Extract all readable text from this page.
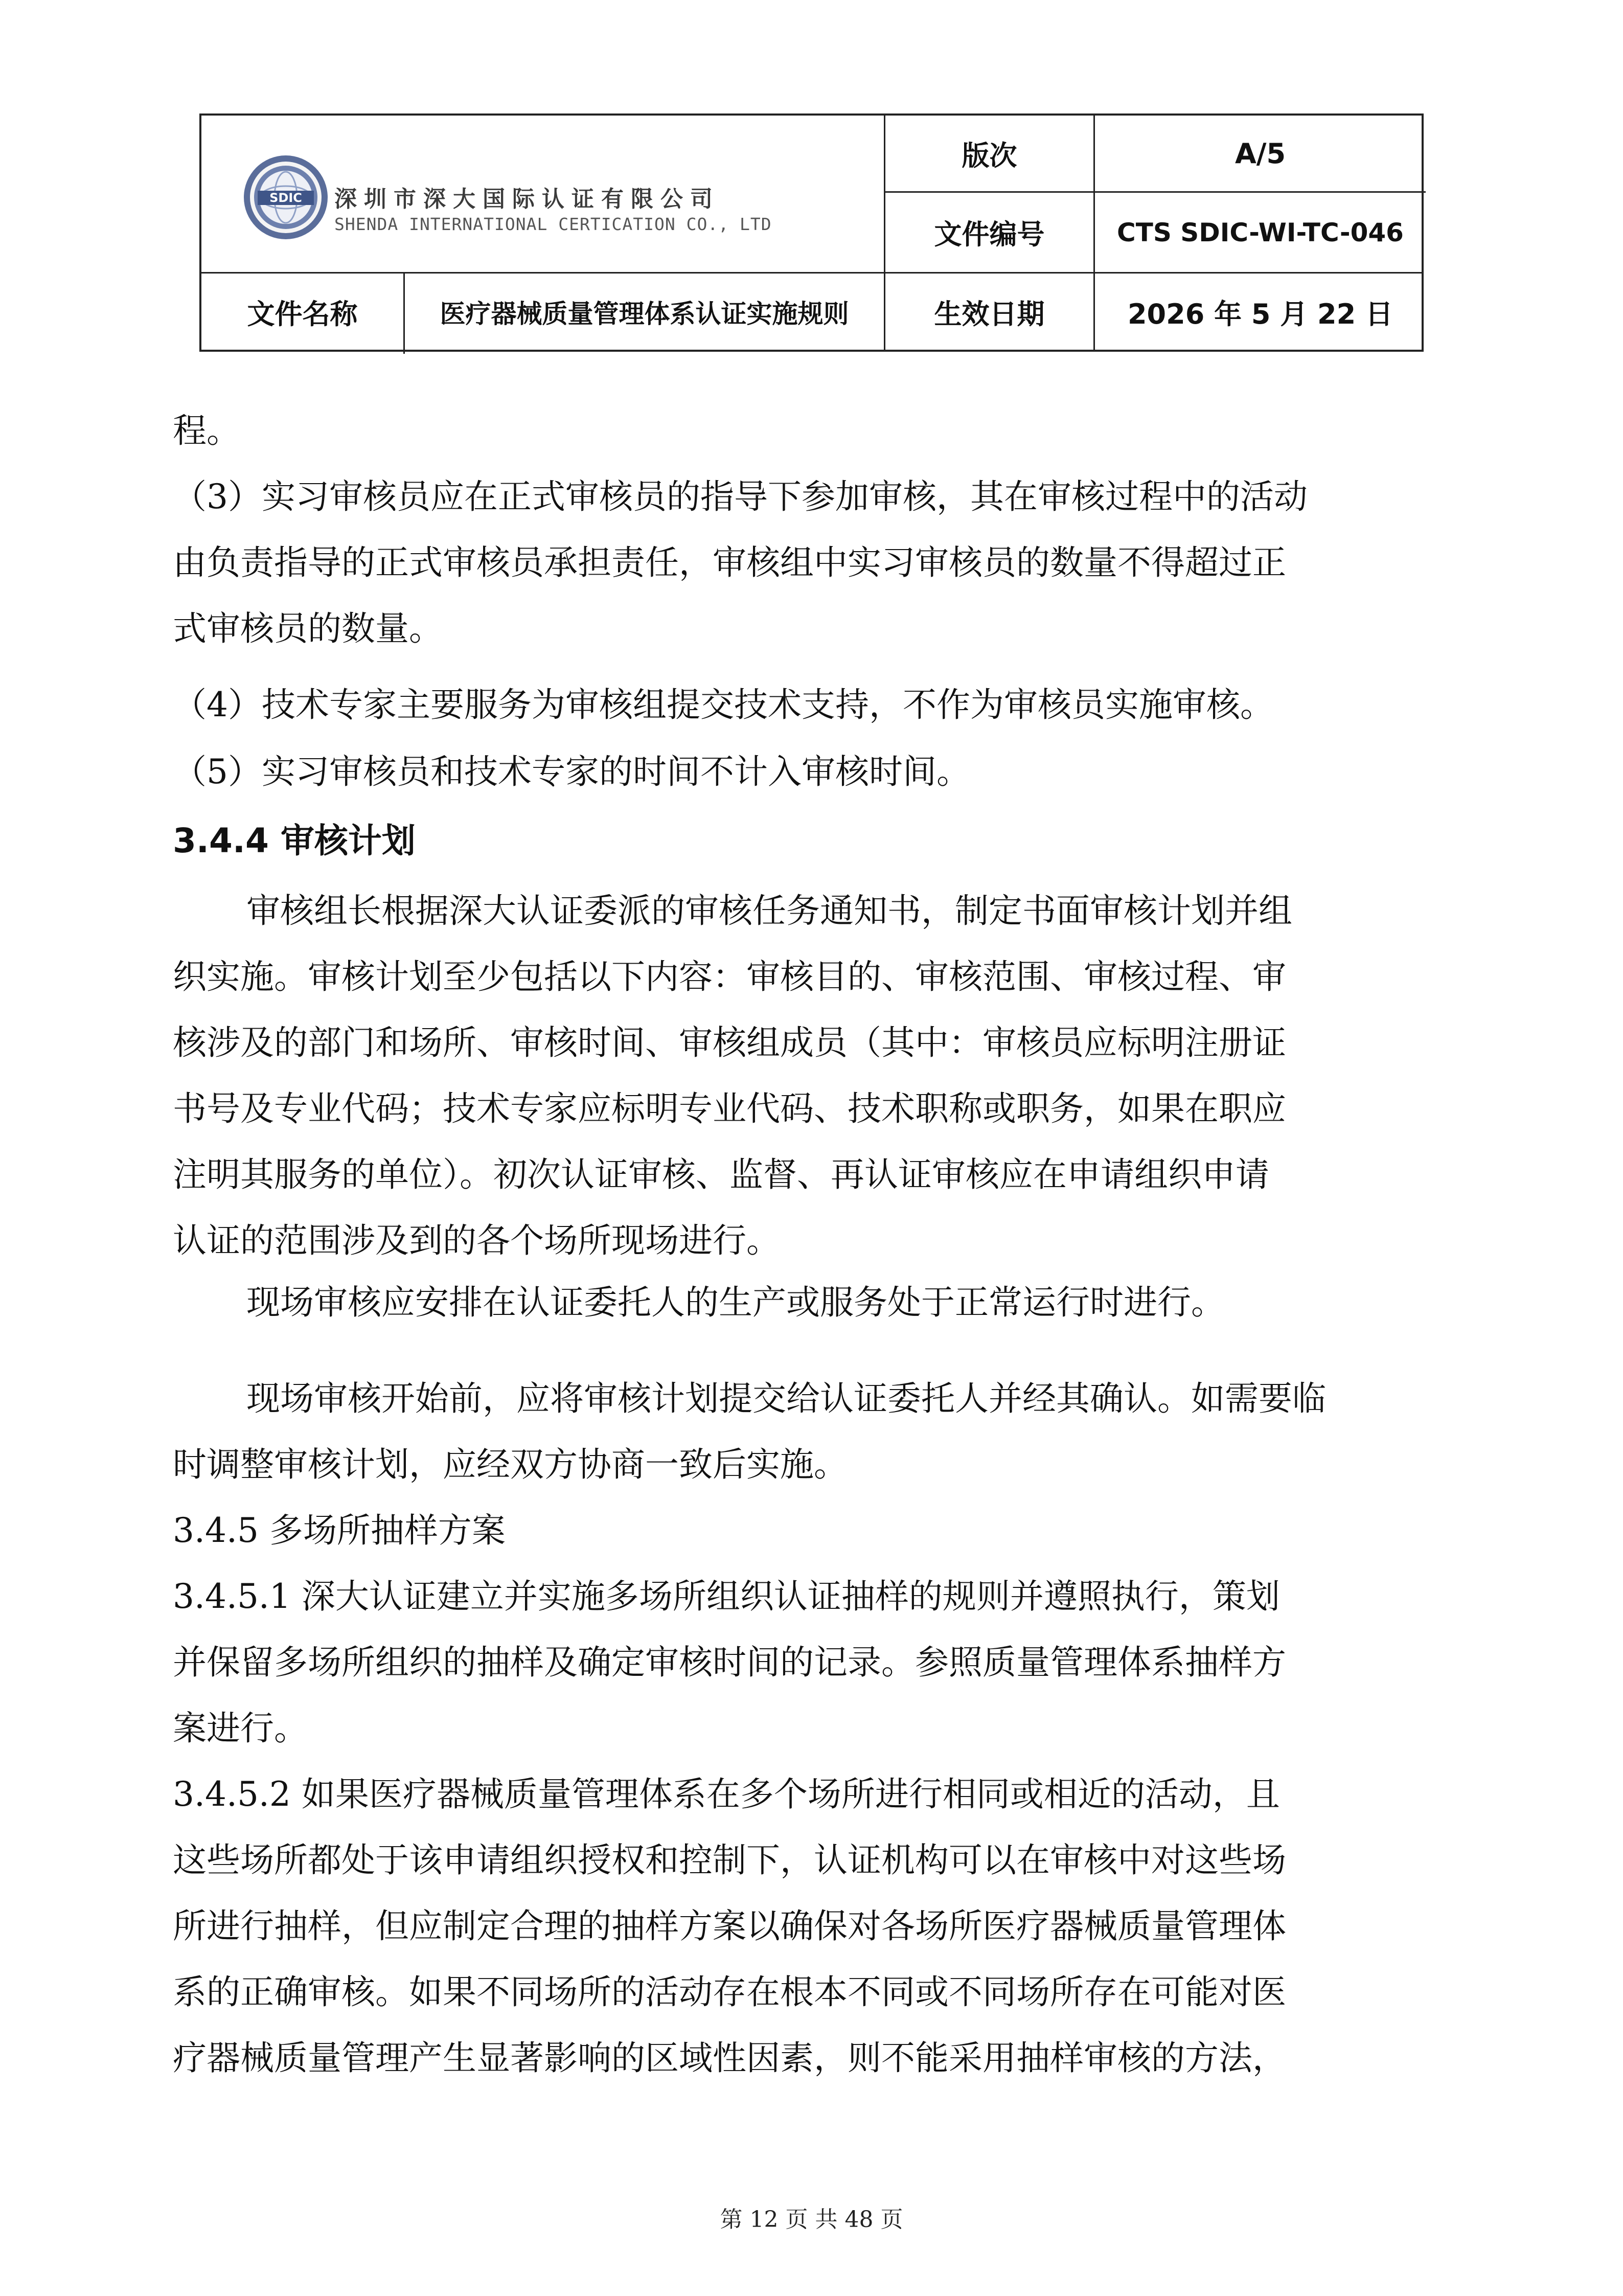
SDIC 深圳市深大国际认证有限公司
SHENDA INTERNATIONAL CERTICATION CO., LTD
版次	A/5
文件编号	CTS SDIC-WI-TC-046
文件名称	医疗器械质量管理体系认证实施规则	生效日期	2026 年 5 月 22 日
程。
（3）实习审核员应在正式审核员的指导下参加审核，其在审核过程中的活动
由负责指导的正式审核员承担责任，审核组中实习审核员的数量不得超过正
式审核员的数量。
（4）技术专家主要服务为审核组提交技术支持，不作为审核员实施审核。
（5）实习审核员和技术专家的时间不计入审核时间。
3.4.4 审核计划
审核组长根据深大认证委派的审核任务通知书，制定书面审核计划并组
织实施。审核计划至少包括以下内容：审核目的、审核范围、审核过程、审
核涉及的部门和场所、审核时间、审核组成员（其中：审核员应标明注册证
书号及专业代码；技术专家应标明专业代码、技术职称或职务，如果在职应
注明其服务的单位）。初次认证审核、监督、再认证审核应在申请组织申请
认证的范围涉及到的各个场所现场进行。
现场审核应安排在认证委托人的生产或服务处于正常运行时进行。
现场审核开始前，应将审核计划提交给认证委托人并经其确认。如需要临
时调整审核计划，应经双方协商一致后实施。
3.4.5 多场所抽样方案
3.4.5.1 深大认证建立并实施多场所组织认证抽样的规则并遵照执行，策划
并保留多场所组织的抽样及确定审核时间的记录。参照质量管理体系抽样方
案进行。
3.4.5.2 如果医疗器械质量管理体系在多个场所进行相同或相近的活动，且
这些场所都处于该申请组织授权和控制下，认证机构可以在审核中对这些场
所进行抽样，但应制定合理的抽样方案以确保对各场所医疗器械质量管理体
系的正确审核。如果不同场所的活动存在根本不同或不同场所存在可能对医
疗器械质量管理产生显著影响的区域性因素，则不能采用抽样审核的方法，
第 12 页 共 48 页
